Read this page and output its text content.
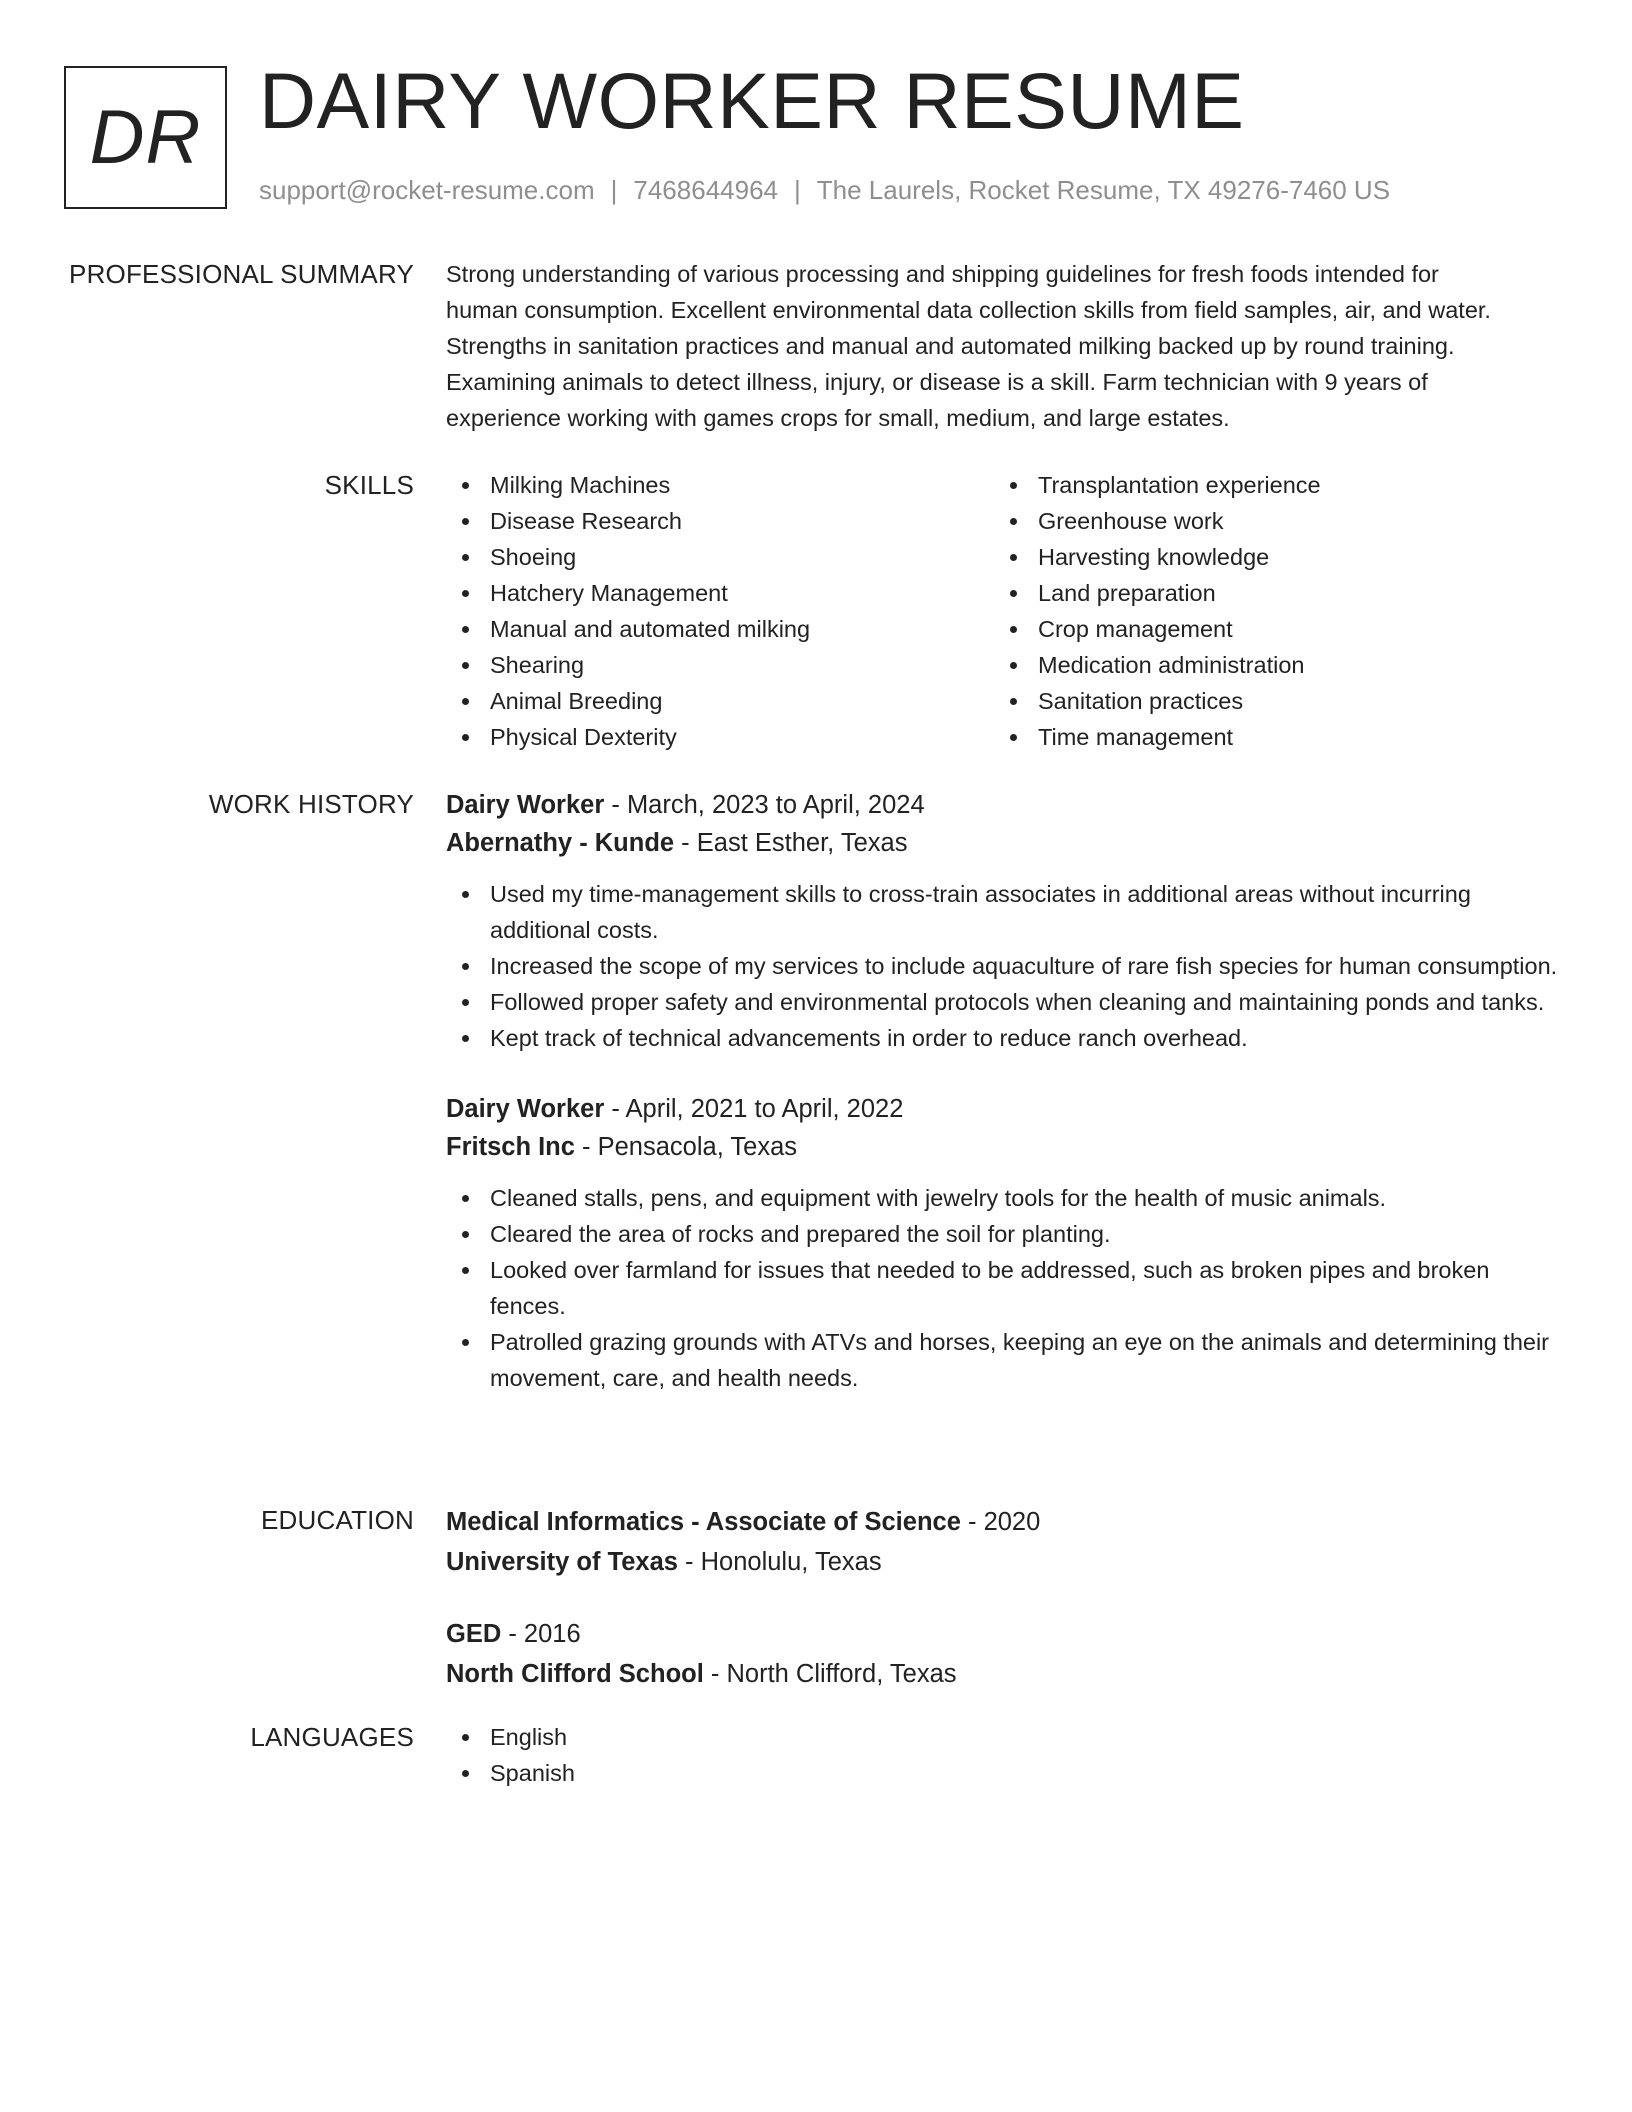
DR DAIRY WORKER RESUME
support@rocket-resume.com | 7468644964 | The Laurels, Rocket Resume, TX 49276-7460 US
PROFESSIONAL SUMMARY Strong understanding of various processing and shipping guidelines for fresh foods intended for
human consumption. Excellent environmental data collection skills from field samples, air, and water.
Strengths in sanitation practices and manual and automated milking backed up by round training.
Examining animals to detect illness, injury, or disease is a skill. Farm technician with 9 years of
experience working with games crops for small, medium, and large estates.
SKILLS	Milking Machines
Disease Research
Shoeing
Hatchery Management
Manual and automated milking
Shearing
Animal Breeding
Physical Dexterity
Transplantation experience
Greenhouse work
Harvesting knowledge
Land preparation
Crop management
Medication administration
Sanitation practices
Time management
WORK HISTORY Dairy Worker - March, 2023 to April, 2024
Abernathy - Kunde - East Esther, Texas
Used my time-management skills to cross-train associates in additional areas without incurring additional costs.
Increased the scope of my services to include aquaculture of rare fish species for human consumption.
Followed proper safety and environmental protocols when cleaning and maintaining ponds and tanks.
Kept track of technical advancements in order to reduce ranch overhead.
Dairy Worker - April, 2021 to April, 2022
Fritsch Inc - Pensacola, Texas
Cleaned stalls, pens, and equipment with jewelry tools for the health of music animals.
Cleared the area of rocks and prepared the soil for planting.
Looked over farmland for issues that needed to be addressed, such as broken pipes and broken fences.
Patrolled grazing grounds with ATVs and horses, keeping an eye on the animals and determining their movement, care, and health needs.
EDUCATION Medical Informatics - Associate of Science - 2020
University of Texas - Honolulu, Texas
GED - 2016
North Clifford School - North Clifford, Texas
LANGUAGES	English
Spanish
